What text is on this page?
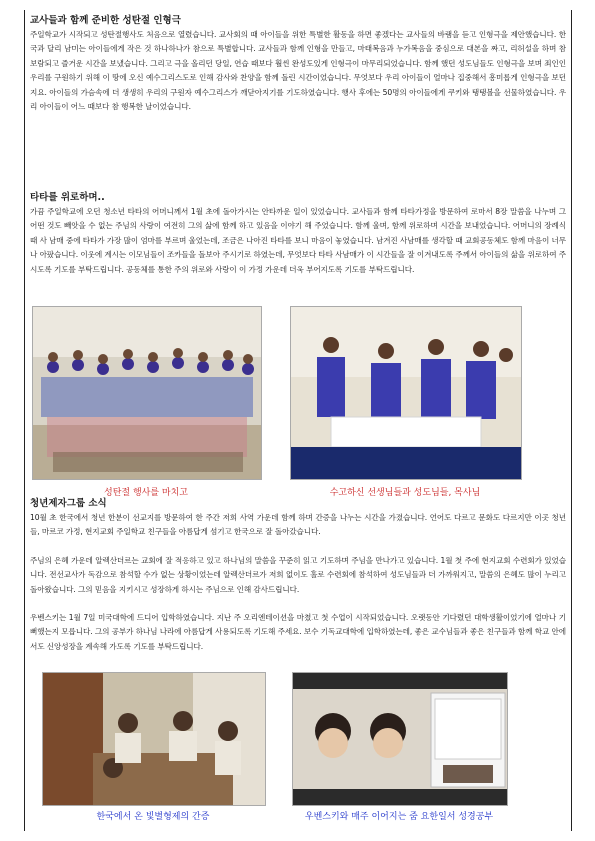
교사들과 함께 준비한 성탄절 인형극

주일학교가 시작되고 성탄절행사도 처음으로 열렸습니다. 교사회의 때 아이들을 위한 특별한 활동을 하면 좋겠다는 교사들의 바램을 듣고 인형극을 제안했습니다. 한국과 달리 남미는 아이들에게 작은 것 하나하나가 참으로 특별합니다. 교사들과 함께 인형을 만들고, 마태복음과 누가복음을 중심으로 대본을 짜고, 리허설을 하며 참 보람되고 즐거운 시간을 보냈습니다. 그리고 극을 올리던 당일, 연습 때보다 훨씬 완성도있게 인형극이 마무리되었습니다. 함께 했던 성도님들도 인형극을 보며 죄인인 우리를 구원하기 위해 이 땅에 오신 예수그리스도로 인해 감사와 찬양을 함께 돌린 시간이었습니다. 무엇보다 우리 아이들이 얼마나 집중해서 흥미롭게 인형극을 보던지요. 아이들의 가슴속에 더 생생히 우리의 구원자 예수그리스가 깨닫아지기를 기도하였습니다. 행사 후에는 50명의 아이들에게 쿠키와 탱탱볼을 선물하였습니다. 우리 아이들이 어느 때보다 참 행복한 날이었습니다.

타타를 위로하며..

가끔 주일학교에 오던 청소년 타타의 어머니께서 1월 초에 돌아가시는 안타까운 일이 있었습니다. 교사들과 함께 타타가정을 방문하여 로마서 8장 말씀을 나누며 그 어떤 것도 빼앗을 수 없는 주님의 사랑이 여전히 그의 삶에 함께 하고 있음을 이야기 해 주었습니다. 함께 울며, 함께 위로하며 시간을 보내었습니다. 어머니의 장례식 때 사 남매 중에 타타가 가장 많이 엄마를 부르며 울었는데, 조금은 나아진 타타를 보니 마음이 놓였습니다. 남겨진 사남매를 생각할 때 교회공동체도 함께 마음이 너무나 아팠습니다. 이웃에 계시는 이모님들이 조카들을 돌보아 주시기로 하였는데, 무엇보다 타타 사남매가 이 시간들을 잘 이겨내도록 주께서 아이들의 삶을 위로하여 주시도록 기도를 부탁드립니다. 공동체를 통한 주의 위로와 사랑이 이 가정 가운데 더욱 부어지도록 기도를 부탁드립니다.

성탄절 행사를 마치고	수고하신 선생님들과 성도님들, 목사님

청년제자그룹 소식

10월 초 한국에서 청년 한분이 선교지를 방문하여 한 주간 저희 사역 가운데 함께 하며 간증을 나누는 시간을 가졌습니다. 언어도 다르고 문화도 다르지만 이곳 청년들, 마르코 가정, 현지교회 주일학교 친구들을 아름답게 섬기고 한국으로 잘 돌아갔습니다.

주님의 은혜 가운데 알렉산더르는 교회에 잘 적응하고 있고 하나님의 말씀을 꾸준히 읽고 기도하며 주님을 만나가고 있습니다. 1월 첫 주에 현지교회 수련회가 있었습니다. 전선교사가 독감으로 참석할 수가 없는 상황이었는데 알렉산더르가 저희 없이도 홀로 수련회에 참석하여 성도님들과 더 가까워지고, 말씀의 은혜도 많이 누리고 돌아왔습니다. 그의 믿음을 지키시고 성장하게 하시는 주님으로 인해 감사드립니다.

우벤스키는 1월 7일 미국대학에 드디어 입학하였습니다. 지난 주 오리엔테이션을 마쳤고 첫 수업이 시작되었습니다. 오랫동안 기다렸던 대학생활이었기에 얼마나 기뻐했는지 모릅니다. 그의 공부가 하나님 나라에 아름답게 사용되도록 기도해 주세요. 보수 기독교대학에 입학하였는데, 좋은 교수님들과 좋은 친구들과 함께 학교 안에서도 신앙성장을 계속해 가도록 기도를 부탁드립니다.

한국에서 온 빛별형제의 간증	우벤스키와 매주 이어지는 줌 요한일서 성경공부
